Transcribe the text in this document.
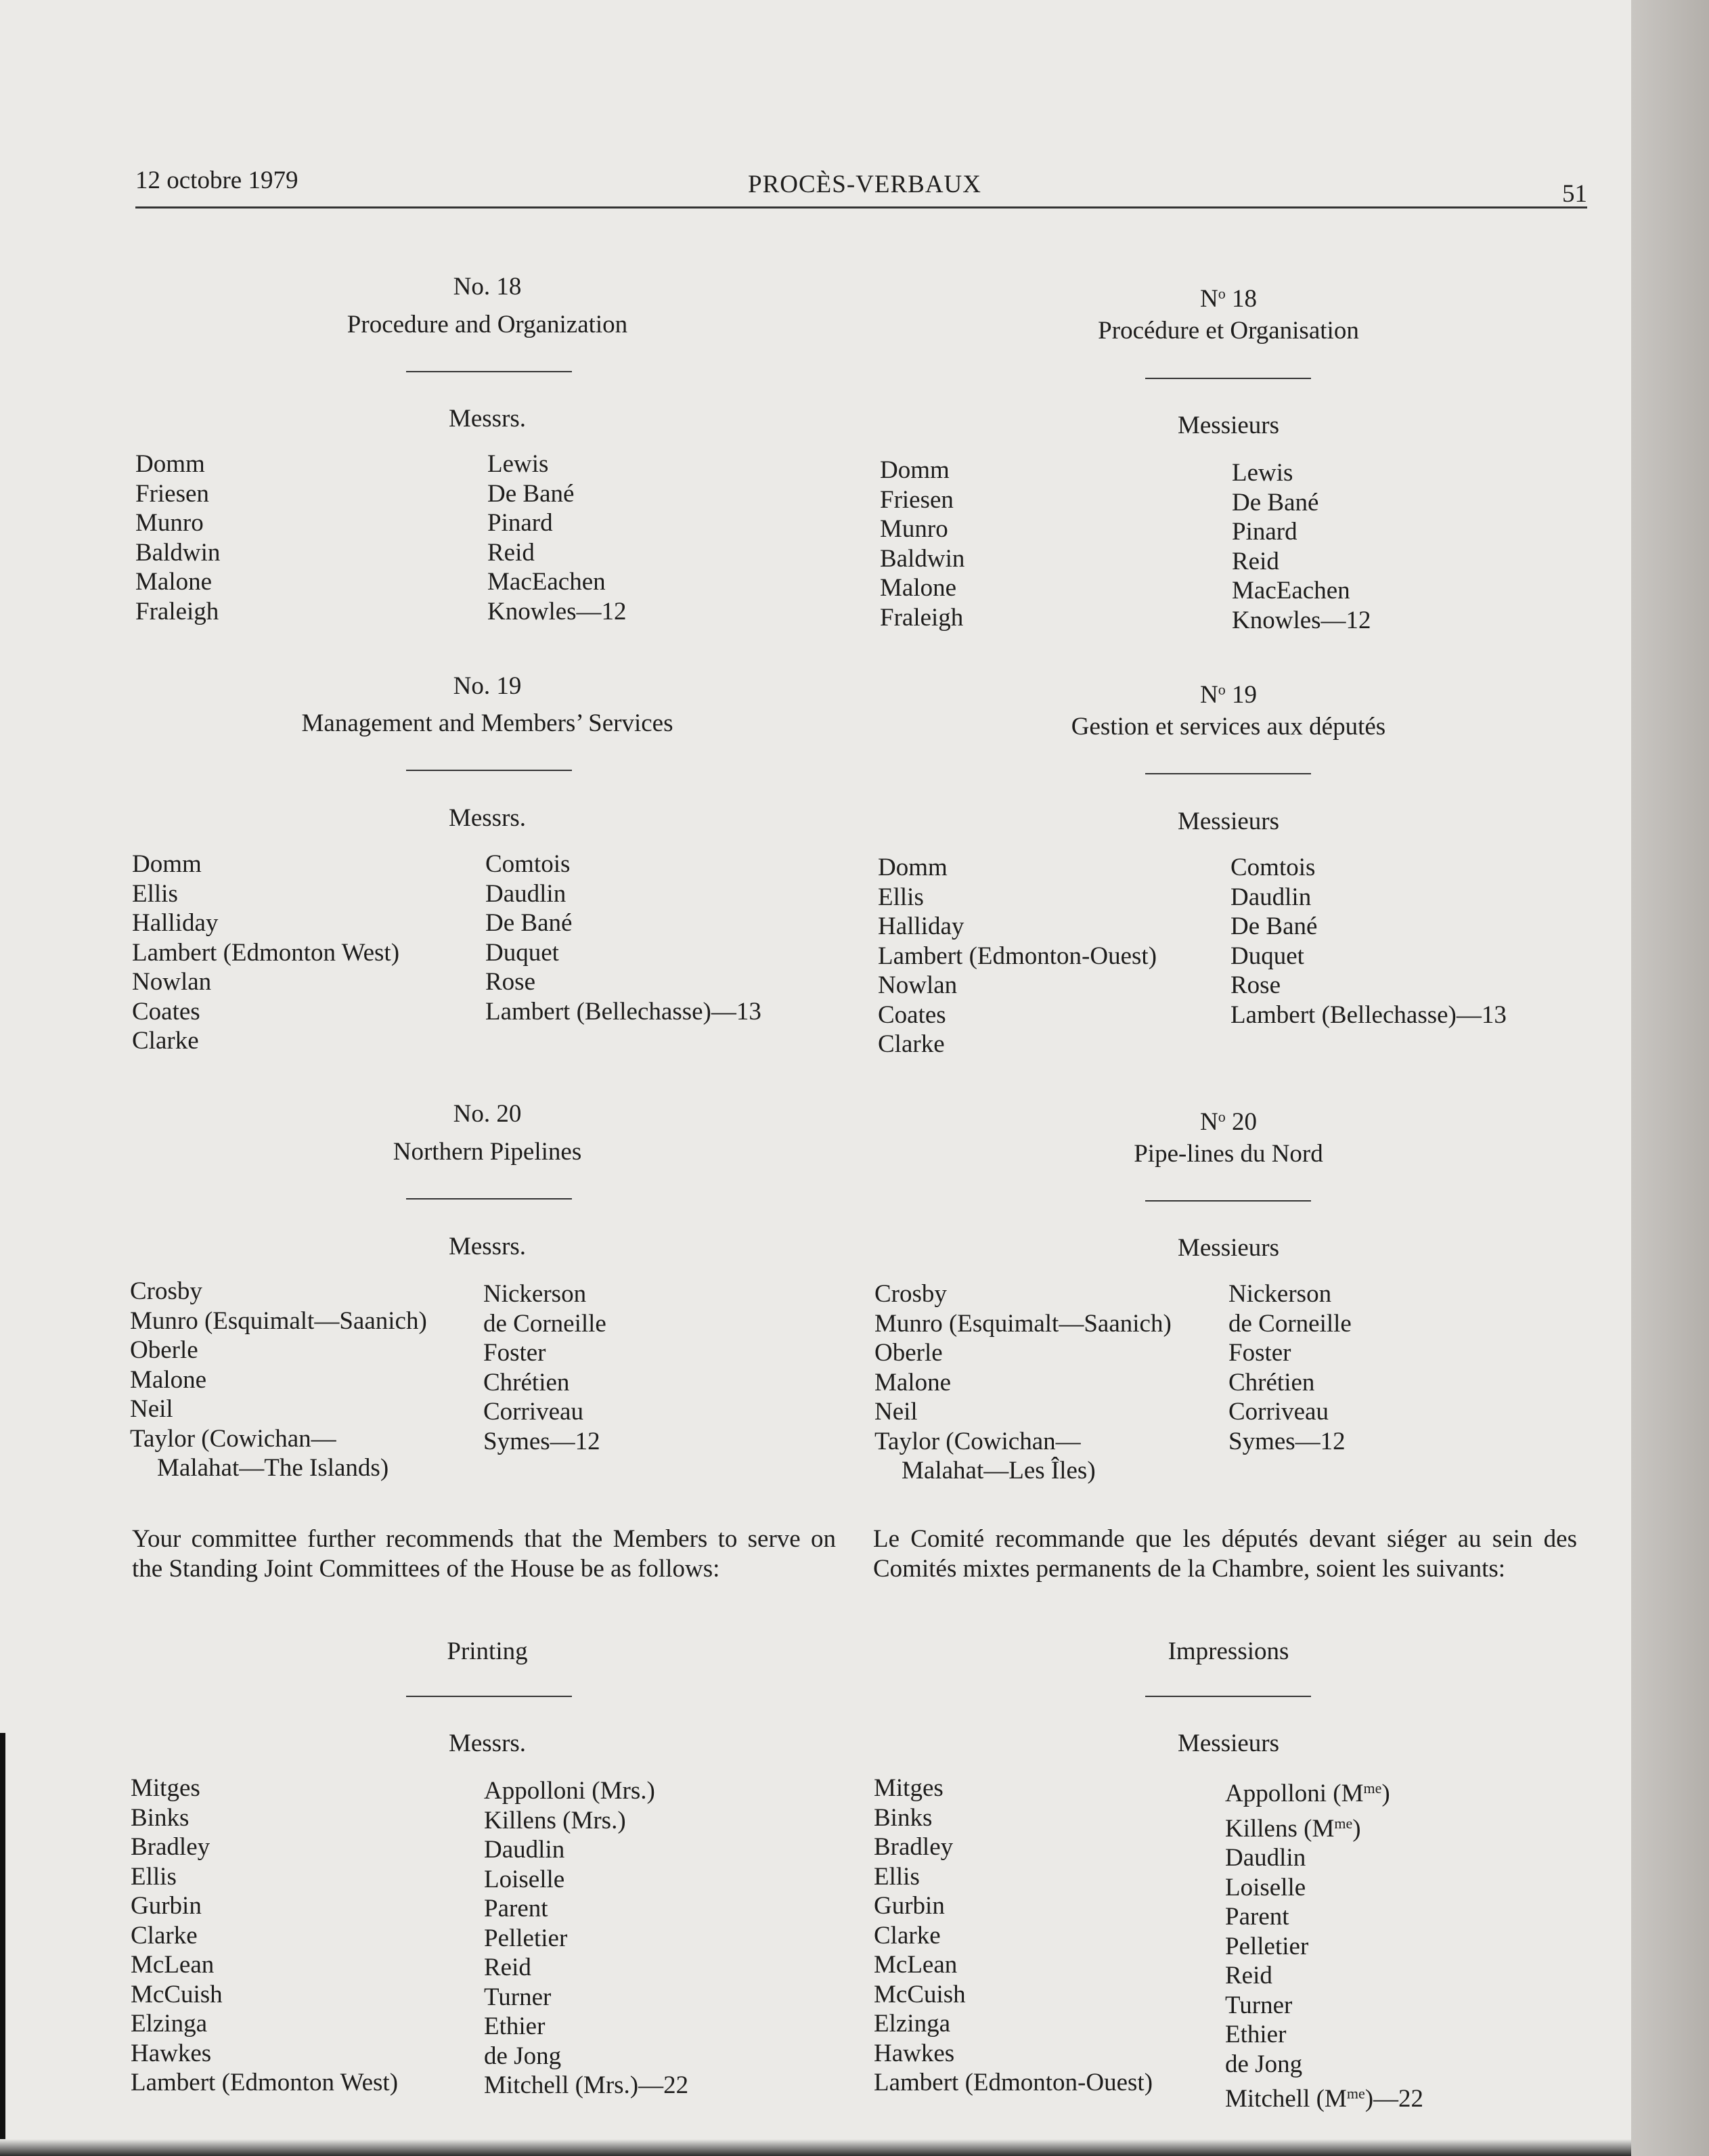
12 octobre 1979	PROCÈS-VERBAUX	51
No. 18
Procedure and Organization
Messrs.
Domm
Friesen
Munro
Baldwin
Malone
Fraleigh
Lewis
De Bané
Pinard
Reid
MacEachen
Knowles—12
No. 19
Management and Members’ Services
Messrs.
Domm
Ellis
Halliday
Lambert (Edmonton West)
Nowlan
Coates
Clarke
Comtois
Daudlin
De Bané
Duquet
Rose
Lambert (Bellechasse)—13
No. 20
Northern Pipelines
Messrs.
Crosby
Munro (Esquimalt—Saanich)
Oberle
Malone
Neil
Taylor (Cowichan—
Malahat—The Islands)
Nickerson
de Corneille
Foster
Chrétien
Corriveau
Symes—12
Your committee further recommends that the Members to serve on the Standing Joint Committees of the House be as follows:
Printing
Messrs.
Mitges
Binks
Bradley
Ellis
Gurbin
Clarke
McLean
McCuish
Elzinga
Hawkes
Lambert (Edmonton West)
Appolloni (Mrs.)
Killens (Mrs.)
Daudlin
Loiselle
Parent
Pelletier
Reid
Turner
Ethier
de Jong
Mitchell (Mrs.)—22
$N^o$ 18
Procédure et Organisation
Messieurs
Domm
Friesen
Munro
Baldwin
Malone
Fraleigh
Lewis
De Bané
Pinard
Reid
MacEachen
Knowles—12
$N^o$ 19
Gestion et services aux députés
Messieurs
Domm
Ellis
Halliday
Lambert (Edmonton-Ouest)
Nowlan
Coates
Clarke
Comtois
Daudlin
De Bané
Duquet
Rose
Lambert (Bellechasse)—13
$N^o$ 20
Pipe-lines du Nord
Messieurs
Crosby
Munro (Esquimalt—Saanich)
Oberle
Malone
Neil
Taylor (Cowichan—
Malahat—Les Îles)
Nickerson
de Corneille
Foster
Chrétien
Corriveau
Symes—12
Le Comité recommande que les députés devant siéger au sein des Comités mixtes permanents de la Chambre, soient les suivants:
Impressions
Messieurs
Mitges
Binks
Bradley
Ellis
Gurbin
Clarke
McLean
McCuish
Elzinga
Hawkes
Lambert (Edmonton-Ouest)
Appolloni $(M^{me})$
Killens $(M^{me})$
Daudlin
Loiselle
Parent
Pelletier
Reid
Turner
Ethier
de Jong
Mitchell $(M^{me})—22$
